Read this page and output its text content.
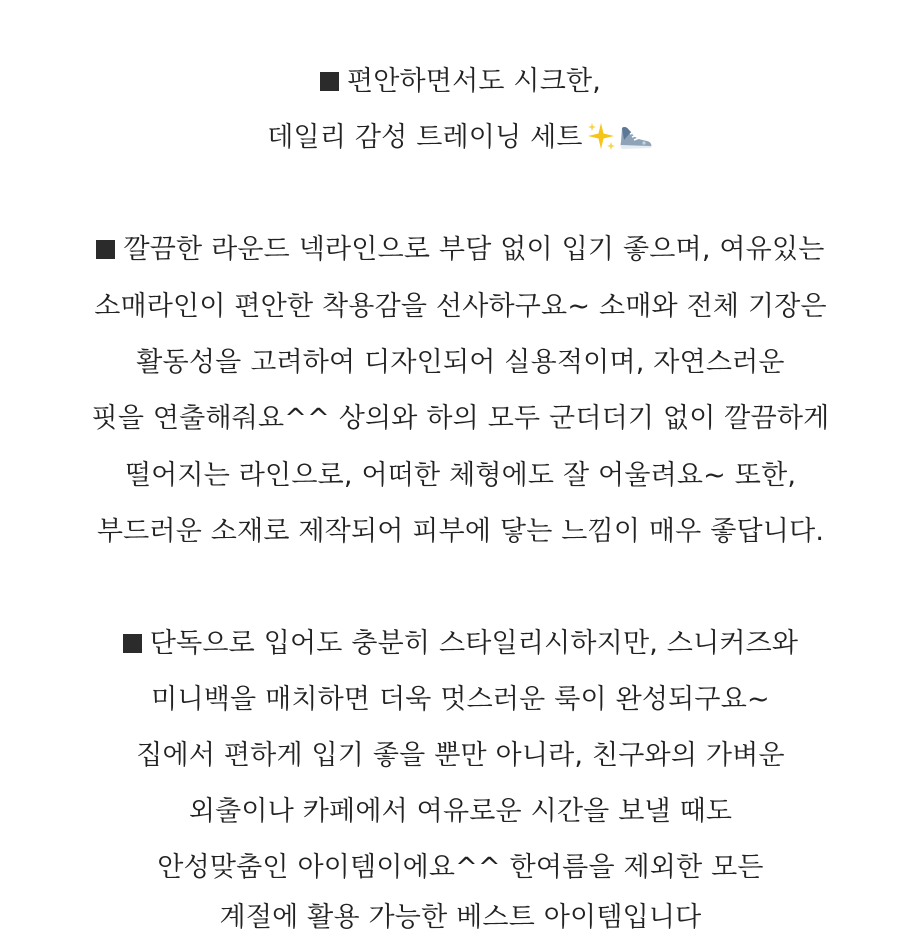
편안하면서도 시크한,
데일리 감성 트레이닝 세트
깔끔한 라운드 넥라인으로 부담 없이 입기 좋으며, 여유있는
소매라인이 편안한 착용감을 선사하구요~ 소매와 전체 기장은
활동성을 고려하여 디자인되어 실용적이며, 자연스러운
핏을 연출해줘요^^ 상의와 하의 모두 군더더기 없이 깔끔하게
떨어지는 라인으로, 어떠한 체형에도 잘 어울려요~ 또한,
부드러운 소재로 제작되어 피부에 닿는 느낌이 매우 좋답니다.
단독으로 입어도 충분히 스타일리시하지만, 스니커즈와
미니백을 매치하면 더욱 멋스러운 룩이 완성되구요~
집에서 편하게 입기 좋을 뿐만 아니라, 친구와의 가벼운
외출이나 카페에서 여유로운 시간을 보낼 때도
안성맞춤인 아이템이에요^^ 한여름을 제외한 모든
계절에 활용 가능한 베스트 아이템입니다
